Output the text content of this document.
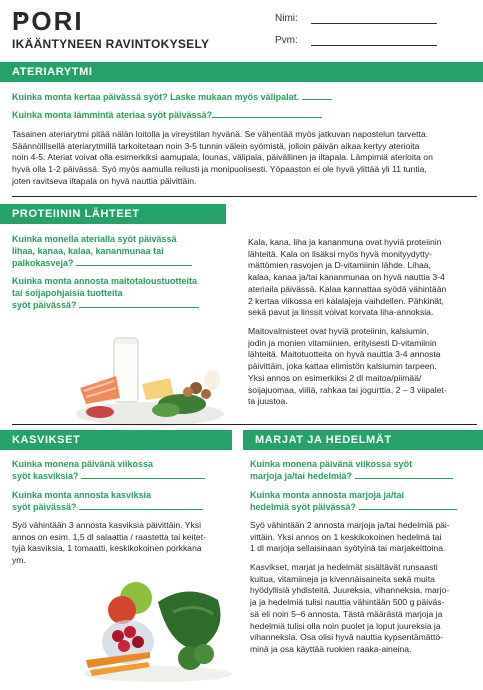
PORI
IKÄÄNTYNEEN RAVINTOKYSELY
Nimi:
Pvm:
ATERIARYTMI
Kuinka monta kertaa päivässä syöt? Laske mukaan myös välipalat.
Kuinka monta lämmintä ateriaa syöt päivässä?
Tasainen ateriarytmi pitää nälän loitolla ja vireystilan hyvänä. Se vähentää myös jatkuvan napostelun tarvetta.
Säännöllisellä ateriarytmillä tarkoitetaan noin 3-5 tunnin välein syömistä, jolloin päivän aikaa kertyy aterioita
noin 4-5. Ateriat voivat olla esimerkiksi aamupala, lounas, välipala, päivällinen ja iltapala. Lämpimiä aterioita on
hyvä olla 1-2 päivässä. Syö myös aamulla reilusti ja monipuolisesti. Yöpaaston ei ole hyvä ylittää yli 11 tuntia,
joten ravitseva iltapala on hyvä nauttia päivittäin.
PROTEIININ LÄHTEET
Kuinka monella aterialla syöt päivässä
lihaa, kanaa, kalaa, kananmunaa tai
palkokasveja?
Kuinka monta annosta maitotaloustuotteita
tai soijapohjaisia tuotteita
syöt päivässä?
Kala, kana, liha ja kananmuna ovat hyviä proteiinin
lähteitä. Kala on lisäksi myös hyvä monityydytty-
mättömien rasvojen ja D-vitamiinin lähde. Lihaa,
kalaa, kanaa ja/tai kananmunaa on hyvä nauttia 3-4
ateriaila päivässä. Kalaa kannattaa syödä vähintään
2 kertaa viikossa eri kalalajeja vaihdellen. Pähkinät,
sekä pavut ja linssit voivat korvata liha-annoksia.
Maitovalmisteet ovat hyviä proteiinin, kalsiumin,
jodin ja monien vitamiinien, erityisesti D-vitamiinin
lähteitä. Maitotuotteita on hyvä nauttia 3-4 annosta
päivittäin, joka kattaa elimistön kalsiumin tarpeen.
Yksi annos on esimerkiksi 2 dl maitoa/piimää/
soijajuomaa, viiliä, rahkaa tai jogurttia, 2 – 3 viipalet-
ta juustoa.
KASVIKSET
Kuinka monena päivänä viikossa
syöt kasviksia?
Kuinka monta annosta kasviksia
syöt päivässä?
Syö vähintään 3 annosta kasviksia päivittäin. Yksi
annos on esim. 1,5 dl salaattia / raastetta tai keitet-
tyjä kasviksia, 1 tomaatti, keskikokoinen porkkana
ym.
MARJAT JA HEDELMÄT
Kuinka monena päivänä viikossa syöt
marjoja ja/tai hedelmiä?
Kuinka monta annosta marjoja ja/tai
hedelmiä syöt päivässä?
Syö vähintään 2 annosta marjoja ja/tai hedelmiä päi-
vittäin. Yksi annos on 1 keskikokoinen hedelmä tai
1 dl marjoja sellaisinaan syötyinä tai marjakeittoina.
Kasvikset, marjat ja hedelmät sisältävät runsaasti
kuitua, vitamiineja ja kivennäisaineita sekä muita
hyödyllisiä yhdisteitä. Juureksia, vihanneksia, marjo-
ja ja hedelmiä tulisi nauttia vähintään 500 g päiväs-
sä eli noin 5–6 annosta. Tästä määrästä marjoja ja
hedelmiä tulisi olla noin puolet ja loput juureksia ja
vihanneksia. Osa olisi hyvä nauttia kypsentämättö-
minä ja osa käyttää ruokien raaka-aineina.
